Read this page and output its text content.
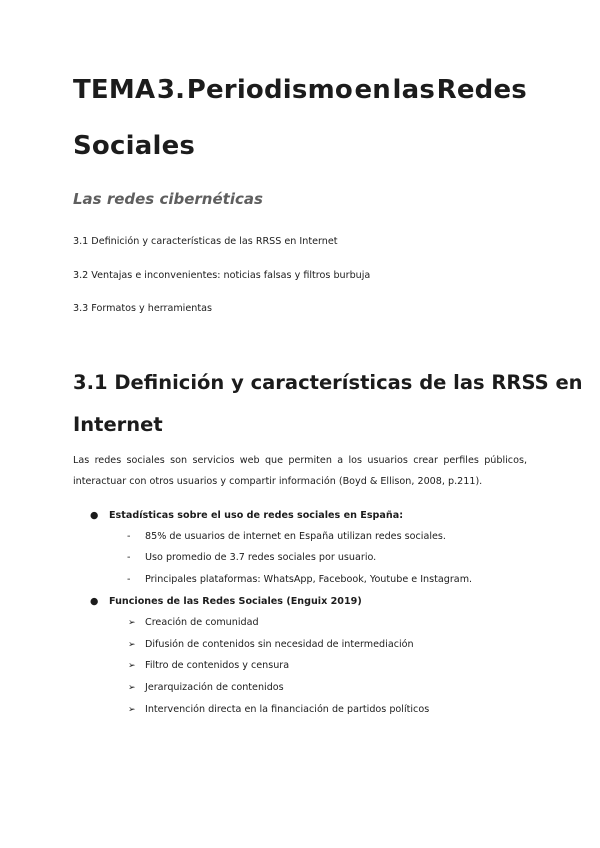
TEMA 3. Periodismo en las Redes
Sociales

Las redes cibernéticas

3.1 Definición y características de las RRSS en Internet

3.2 Ventajas e inconvenientes: noticias falsas y filtros burbuja

3.3 Formatos y herramientas

3.1 Definición y características de las RRSS en
Internet

Las redes sociales son servicios web que permiten a los usuarios crear perfiles públicos, interactuar con otros usuarios y compartir información (Boyd & Ellison, 2008, p.211).

● Estadísticas sobre el uso de redes sociales en España:
- 85% de usuarios de internet en España utilizan redes sociales.
- Uso promedio de 3.7 redes sociales por usuario.
- Principales plataformas: WhatsApp, Facebook, Youtube e Instagram.
● Funciones de las Redes Sociales (Enguix 2019)
➢ Creación de comunidad
➢ Difusión de contenidos sin necesidad de intermediación
➢ Filtro de contenidos y censura
➢ Jerarquización de contenidos
➢ Intervención directa en la financiación de partidos políticos
